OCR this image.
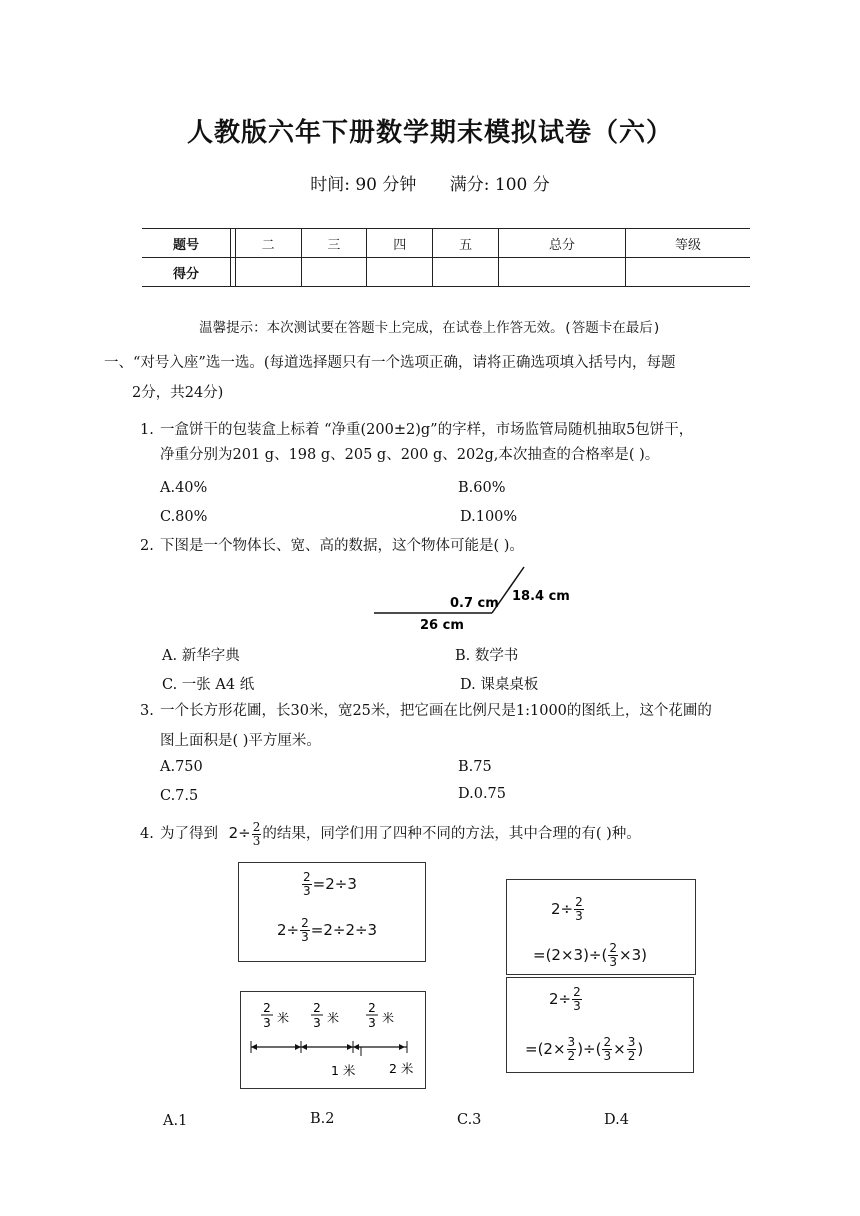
人教版六年下册数学期末模拟试卷（六）
时间: 90 分钟 满分: 100 分
题号		二	三	四	五	总分	等级
得分							
温馨提示：本次测试要在答题卡上完成，在试卷上作答无效。(答题卡在最后)
一、“对号入座”选一选。(每道选择题只有一个选项正确，请将正确选项填入括号内，每题
2分，共24分)
1. 一盒饼干的包装盒上标着 “净重(200±2)g”的字样，市场监管局随机抽取5包饼干，
净重分别为201 g、198 g、205 g、200 g、202g,本次抽查的合格率是( )。
A.40%	B.60%
C.80%	D.100%
2. 下图是一个物体长、宽、高的数据，这个物体可能是( )。
0.7 cm 18.4 cm
26 cm
A. 新华字典	B. 数学书
C. 一张 A4 纸	D. 课桌桌板
3. 一个长方形花圃，长30米，宽25米，把它画在比例尺是1:1000的图纸上，这个花圃的
图上面积是( )平方厘米。
A.750	B.75
C.7.5	D.0.75
4. 为了得到 $2\div \frac{2}{3}$ 的结果，同学们用了四种不同的方法，其中合理的有( )种。
$\frac{2}{3} =2\div 3$
$2\div \frac{2}{3} =2\div 2\div 3$
2
3 米
2
3 米
2
3 米
1 米	2 米
$2\div \frac{2}{3}$
$=(2\times 3)\div( \frac{2}{3} \times 3)$
$2\div \frac{2}{3}$
$=(2\times \frac{3}{2}$ )÷( $\frac{2}{3} \times \frac{3}{2}$ )
A.1	B.2	C.3	D.4
